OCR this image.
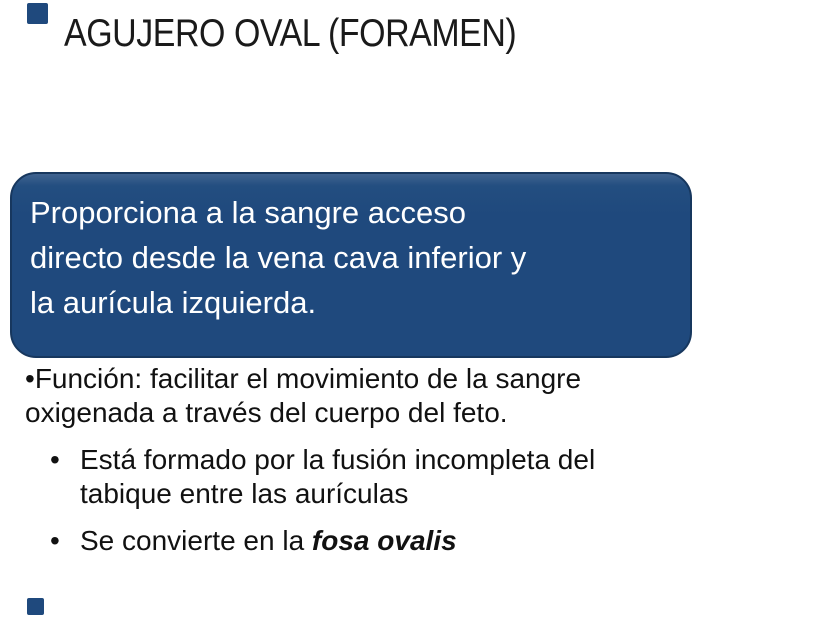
AGUJERO OVAL (FORAMEN)
Proporciona a la sangre acceso
directo desde la vena cava inferior y
la aurícula izquierda.
•Función: facilitar el movimiento de la sangre
oxigenada a través del cuerpo del feto.
• Está formado por la fusión incompleta del
tabique entre las aurículas
• Se convierte en la fosa ovalis
